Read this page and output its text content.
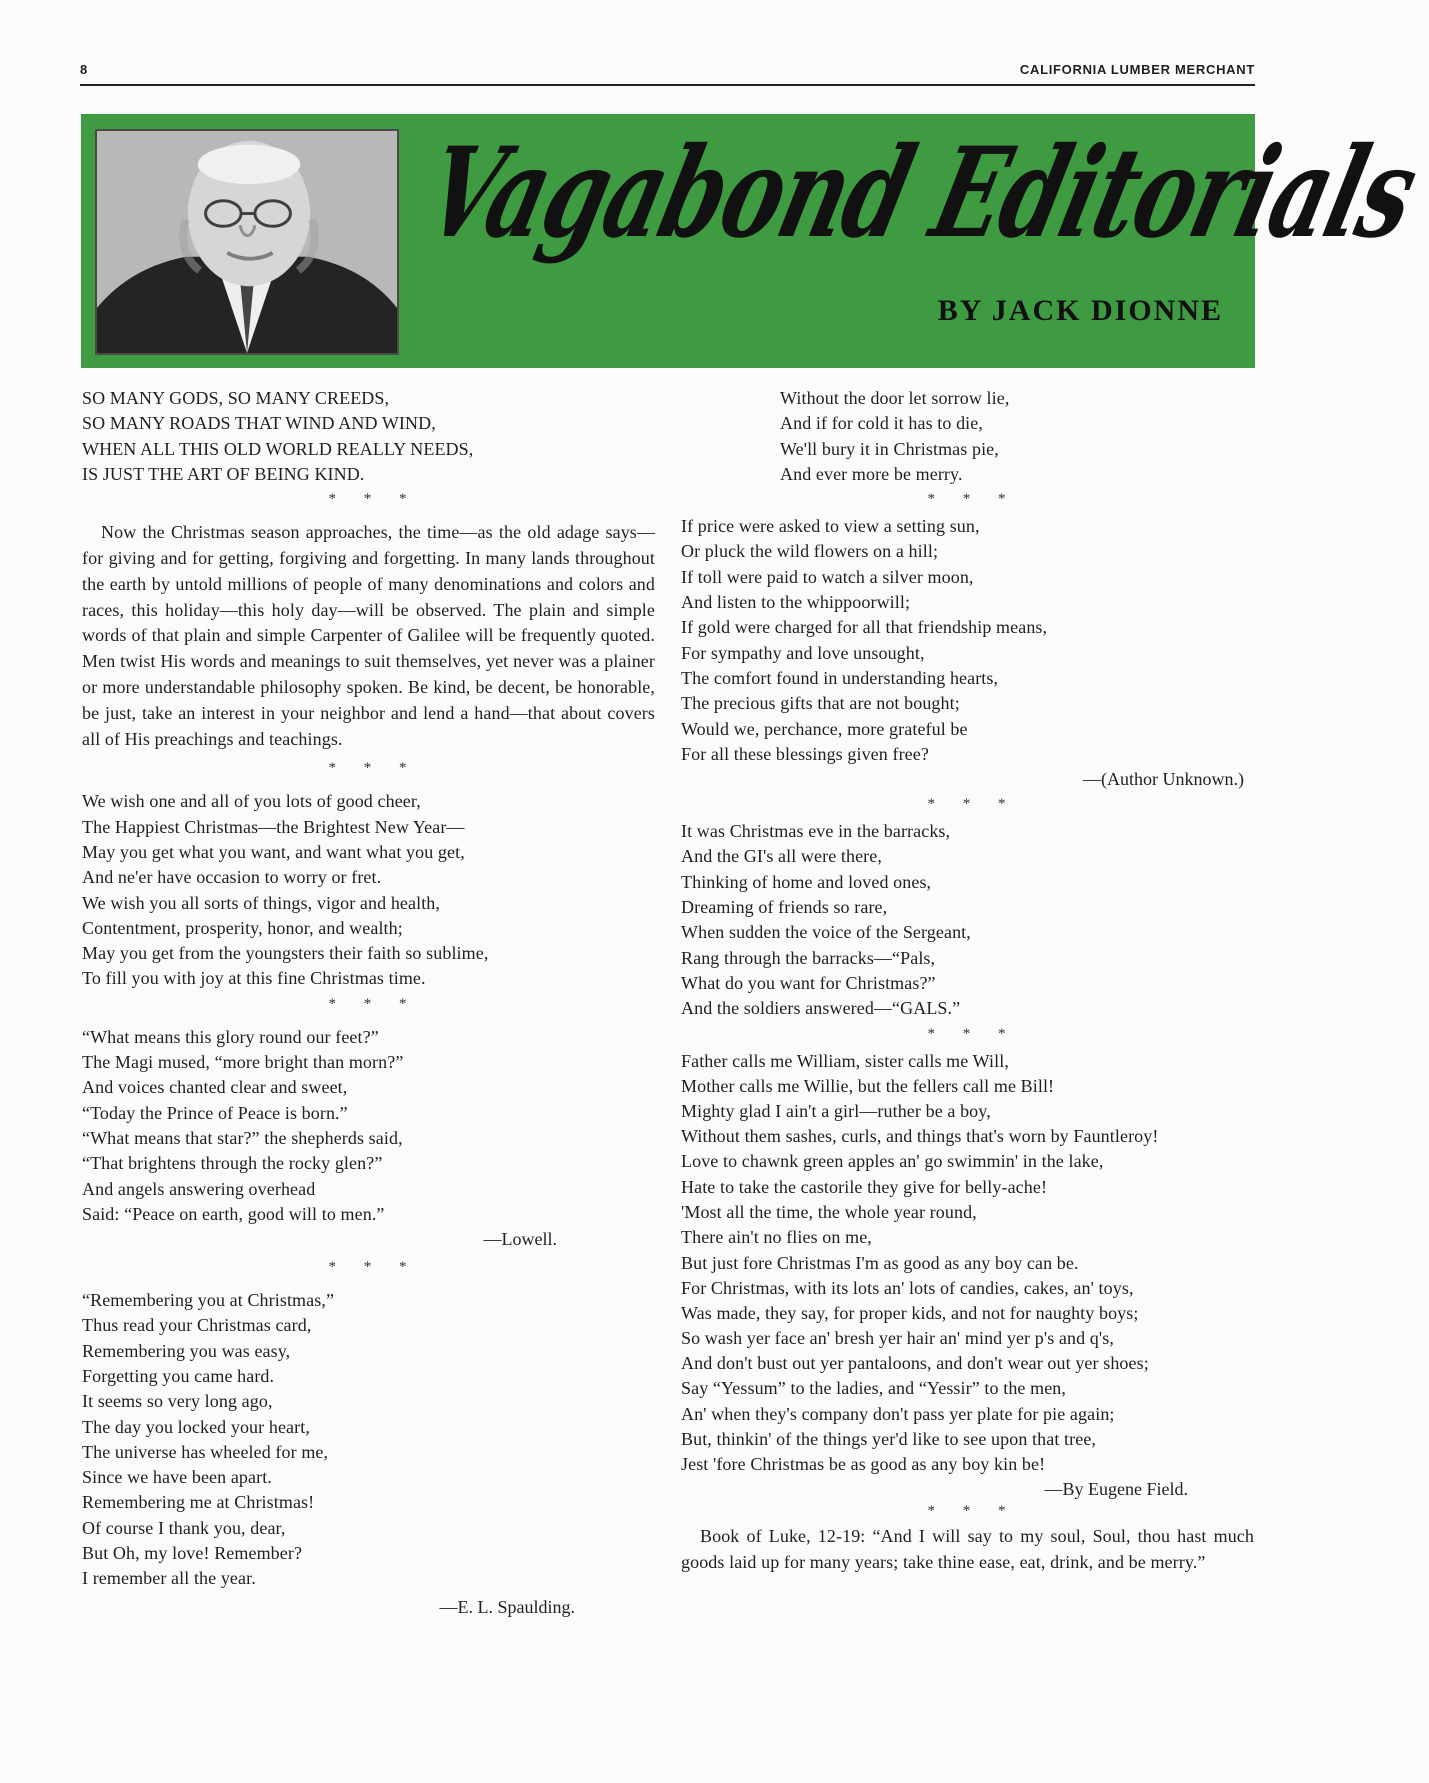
8	CALIFORNIA LUMBER MERCHANT
Vagabond Editorials
BY JACK DIONNE
SO MANY GODS, SO MANY CREEDS,
SO MANY ROADS THAT WIND AND WIND,
WHEN ALL THIS OLD WORLD REALLY NEEDS,
IS JUST THE ART OF BEING KIND.
* * *

Now the Christmas season approaches, the time—as the old adage says—for giving and for getting, forgiving and forgetting. In many lands throughout the earth by untold millions of people of many denominations and colors and races, this holiday—this holy day—will be observed. The plain and simple words of that plain and simple Carpenter of Galilee will be frequently quoted. Men twist His words and meanings to suit themselves, yet never was a plainer or more understandable philosophy spoken. Be kind, be decent, be honorable, be just, take an interest in your neighbor and lend a hand—that about covers all of His preachings and teachings.

* * *
We wish one and all of you lots of good cheer,
The Happiest Christmas—the Brightest New Year—
May you get what you want, and want what you get,
And ne'er have occasion to worry or fret.
We wish you all sorts of things, vigor and health,
Contentment, prosperity, honor, and wealth;
May you get from the youngsters their faith so sublime,
To fill you with joy at this fine Christmas time.
* * *
“What means this glory round our feet?”
The Magi mused, “more bright than morn?”
And voices chanted clear and sweet,
“Today the Prince of Peace is born.”
“What means that star?” the shepherds said,
“That brightens through the rocky glen?”
And angels answering overhead
Said: “Peace on earth, good will to men.”
—Lowell.
* * *
“Remembering you at Christmas,”
Thus read your Christmas card,
Remembering you was easy,
Forgetting you came hard.
It seems so very long ago,
The day you locked your heart,
The universe has wheeled for me,
Since we have been apart.
Remembering me at Christmas!
Of course I thank you, dear,
But Oh, my love! Remember?
I remember all the year.
—E. L. Spaulding.
Without the door let sorrow lie,
And if for cold it has to die,
We'll bury it in Christmas pie,
And ever more be merry.
* * *
If price were asked to view a setting sun,
Or pluck the wild flowers on a hill;
If toll were paid to watch a silver moon,
And listen to the whippoorwill;
If gold were charged for all that friendship means,
For sympathy and love unsought,
The comfort found in understanding hearts,
The precious gifts that are not bought;
Would we, perchance, more grateful be
For all these blessings given free?
—(Author Unknown.)
* * *
It was Christmas eve in the barracks,
And the GI's all were there,
Thinking of home and loved ones,
Dreaming of friends so rare,
When sudden the voice of the Sergeant,
Rang through the barracks—“Pals,
What do you want for Christmas?”
And the soldiers answered—“GALS.”
* * *
Father calls me William, sister calls me Will,
Mother calls me Willie, but the fellers call me Bill!
Mighty glad I ain't a girl—ruther be a boy,
Without them sashes, curls, and things that's worn by Fauntleroy!
Love to chawnk green apples an' go swimmin' in the lake,
Hate to take the castorile they give for belly-ache!
'Most all the time, the whole year round,
There ain't no flies on me,
But just fore Christmas I'm as good as any boy can be.
For Christmas, with its lots an' lots of candies, cakes, an' toys,
Was made, they say, for proper kids, and not for naughty boys;
So wash yer face an' bresh yer hair an' mind yer p's and q's,
And don't bust out yer pantaloons, and don't wear out yer shoes;
Say “Yessum” to the ladies, and “Yessir” to the men,
An' when they's company don't pass yer plate for pie again;
But, thinkin' of the things yer'd like to see upon that tree,
Jest 'fore Christmas be as good as any boy kin be!
—By Eugene Field.
* * *

Book of Luke, 12-19: “And I will say to my soul, Soul, thou hast much goods laid up for many years; take thine ease, eat, drink, and be merry.”
